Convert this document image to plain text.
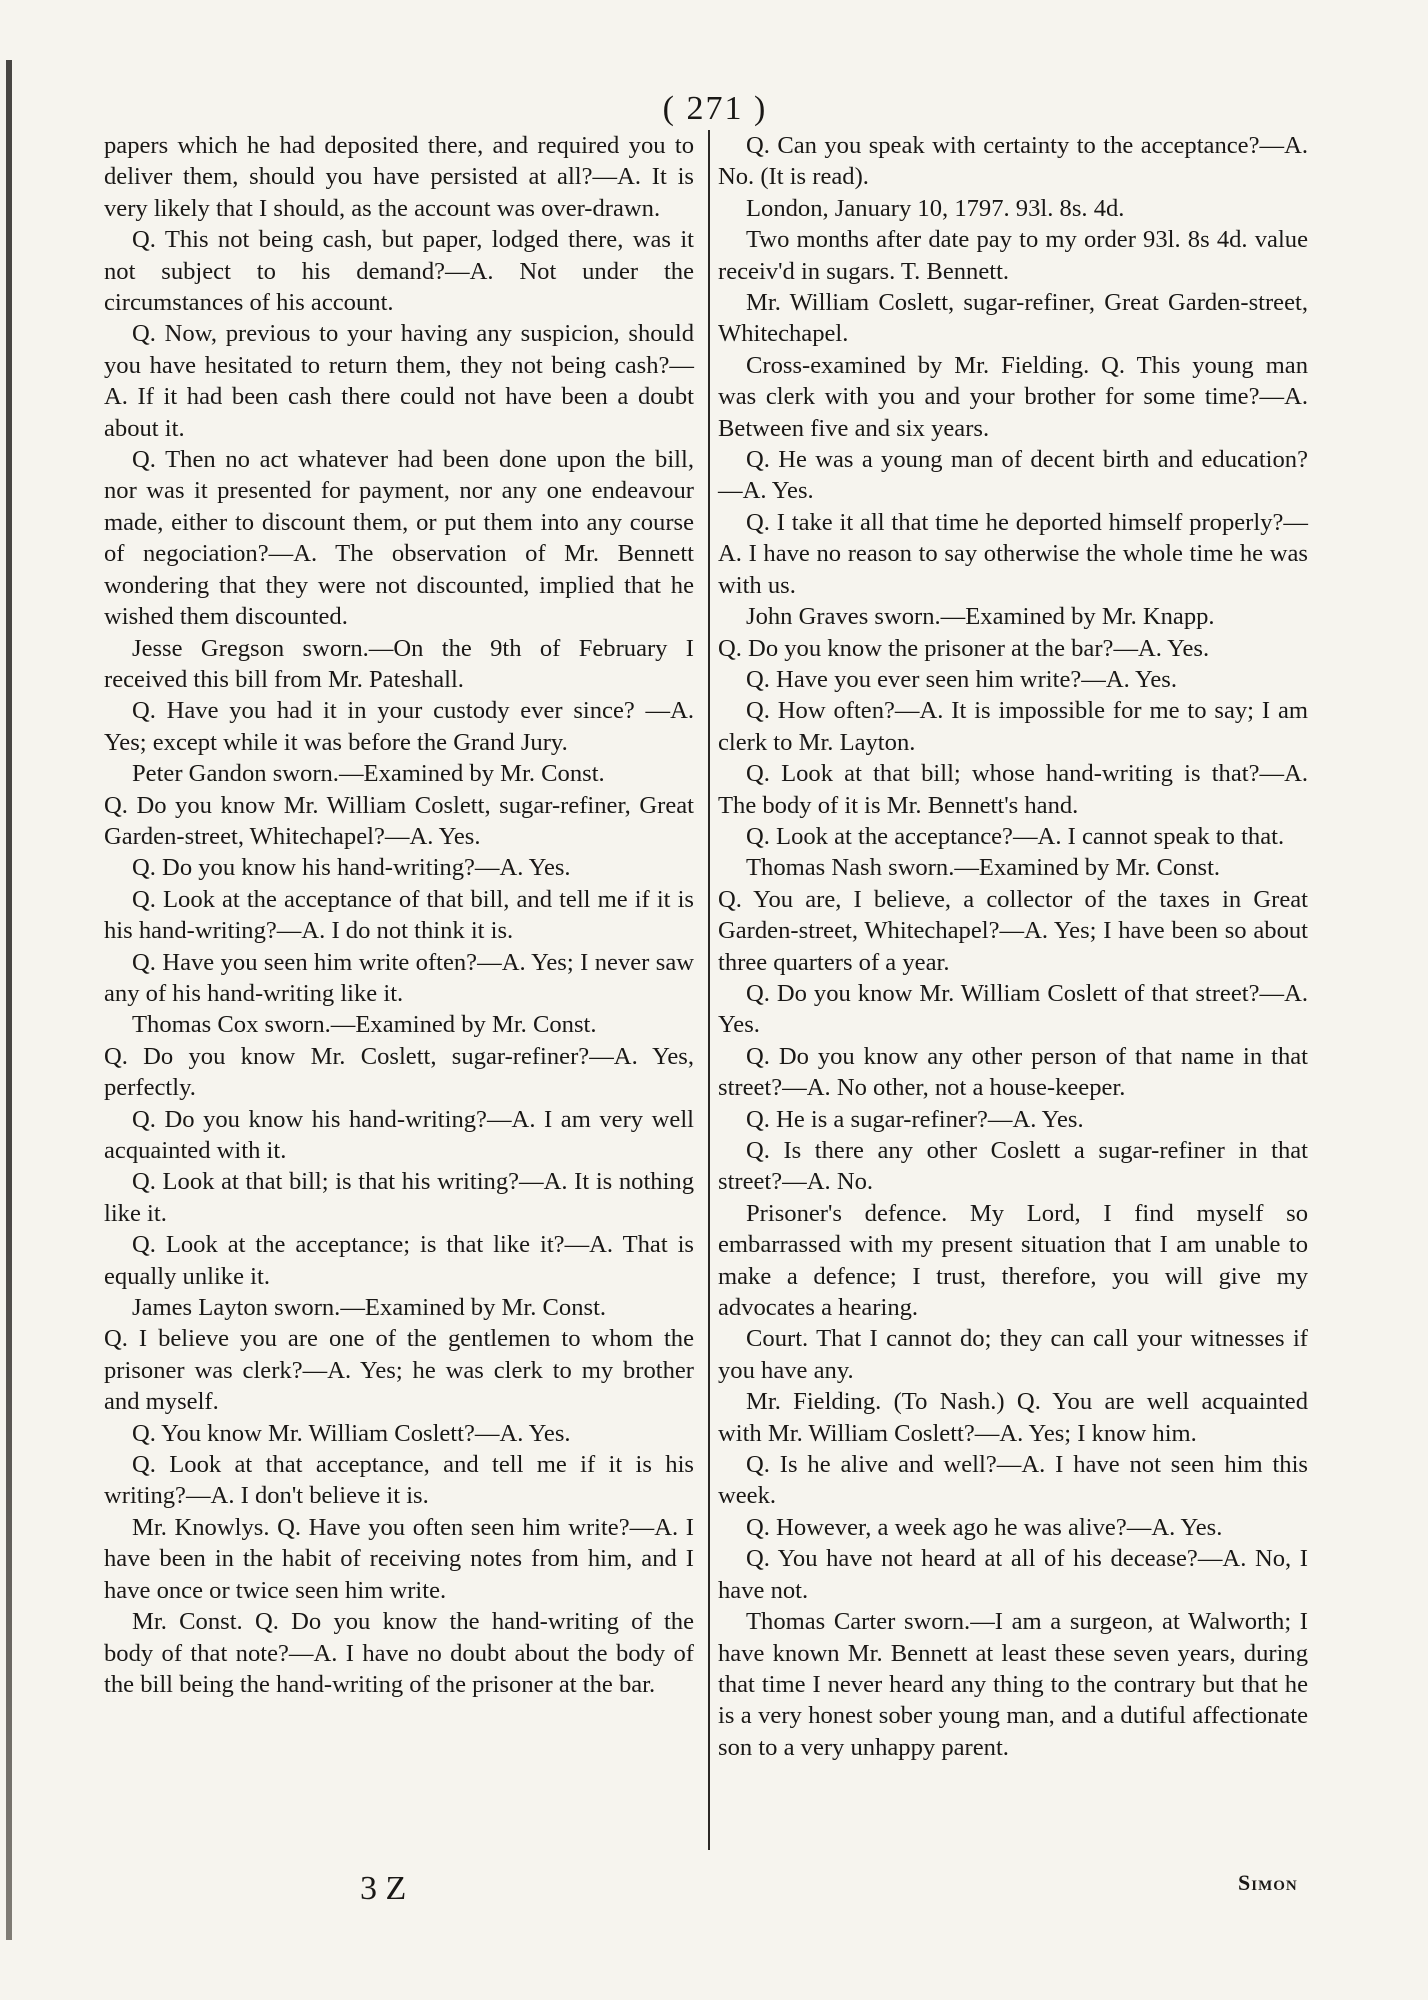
( 271 )

papers which he had deposited there, and required you to deliver them, should you have persisted at all?—A. It is very likely that I should, as the account was over-drawn.

Q. This not being cash, but paper, lodged there, was it not subject to his demand?—A. Not under the circumstances of his account.

Q. Now, previous to your having any suspicion, should you have hesitated to return them, they not being cash?—A. If it had been cash there could not have been a doubt about it.

Q. Then no act whatever had been done upon the bill, nor was it presented for payment, nor any one endeavour made, either to discount them, or put them into any course of negociation?—A. The observation of Mr. Bennett wondering that they were not discounted, implied that he wished them discounted.

Jesse Gregson sworn.—On the 9th of February I received this bill from Mr. Pateshall.

Q. Have you had it in your custody ever since? —A. Yes; except while it was before the Grand Jury.

Peter Gandon sworn.—Examined by Mr. Const.

Q. Do you know Mr. William Coslett, sugar-refiner, Great Garden-street, Whitechapel?—A. Yes.

Q. Do you know his hand-writing?—A. Yes.

Q. Look at the acceptance of that bill, and tell me if it is his hand-writing?—A. I do not think it is.

Q. Have you seen him write often?—A. Yes; I never saw any of his hand-writing like it.

Thomas Cox sworn.—Examined by Mr. Const.

Q. Do you know Mr. Coslett, sugar-refiner?—A. Yes, perfectly.

Q. Do you know his hand-writing?—A. I am very well acquainted with it.

Q. Look at that bill; is that his writing?—A. It is nothing like it.

Q. Look at the acceptance; is that like it?—A. That is equally unlike it.

James Layton sworn.—Examined by Mr. Const.

Q. I believe you are one of the gentlemen to whom the prisoner was clerk?—A. Yes; he was clerk to my brother and myself.

Q. You know Mr. William Coslett?—A. Yes.

Q. Look at that acceptance, and tell me if it is his writing?—A. I don't believe it is.

Mr. Knowlys. Q. Have you often seen him write?—A. I have been in the habit of receiving notes from him, and I have once or twice seen him write.

Mr. Const. Q. Do you know the hand-writing of the body of that note?—A. I have no doubt about the body of the bill being the hand-writing of the prisoner at the bar.

Q. Can you speak with certainty to the acceptance?—A. No. (It is read).

London, January 10, 1797. 93l. 8s. 4d.

Two months after date pay to my order 93l. 8s 4d. value receiv'd in sugars. T. Bennett.

Mr. William Coslett, sugar-refiner, Great Garden-street, Whitechapel.

Cross-examined by Mr. Fielding. Q. This young man was clerk with you and your brother for some time?—A. Between five and six years.

Q. He was a young man of decent birth and education?—A. Yes.

Q. I take it all that time he deported himself properly?—A. I have no reason to say otherwise the whole time he was with us.

John Graves sworn.—Examined by Mr. Knapp.

Q. Do you know the prisoner at the bar?—A. Yes.

Q. Have you ever seen him write?—A. Yes.

Q. How often?—A. It is impossible for me to say; I am clerk to Mr. Layton.

Q. Look at that bill; whose hand-writing is that?—A. The body of it is Mr. Bennett's hand.

Q. Look at the acceptance?—A. I cannot speak to that.

Thomas Nash sworn.—Examined by Mr. Const.

Q. You are, I believe, a collector of the taxes in Great Garden-street, Whitechapel?—A. Yes; I have been so about three quarters of a year.

Q. Do you know Mr. William Coslett of that street?—A. Yes.

Q. Do you know any other person of that name in that street?—A. No other, not a house-keeper.

Q. He is a sugar-refiner?—A. Yes.

Q. Is there any other Coslett a sugar-refiner in that street?—A. No.

Prisoner's defence. My Lord, I find myself so embarrassed with my present situation that I am unable to make a defence; I trust, therefore, you will give my advocates a hearing.

Court. That I cannot do; they can call your witnesses if you have any.

Mr. Fielding. (To Nash.) Q. You are well acquainted with Mr. William Coslett?—A. Yes; I know him.

Q. Is he alive and well?—A. I have not seen him this week.

Q. However, a week ago he was alive?—A. Yes.

Q. You have not heard at all of his decease?—A. No, I have not.

Thomas Carter sworn.—I am a surgeon, at Walworth; I have known Mr. Bennett at least these seven years, during that time I never heard any thing to the contrary but that he is a very honest sober young man, and a dutiful affectionate son to a very unhappy parent.

3 Z	Simon
